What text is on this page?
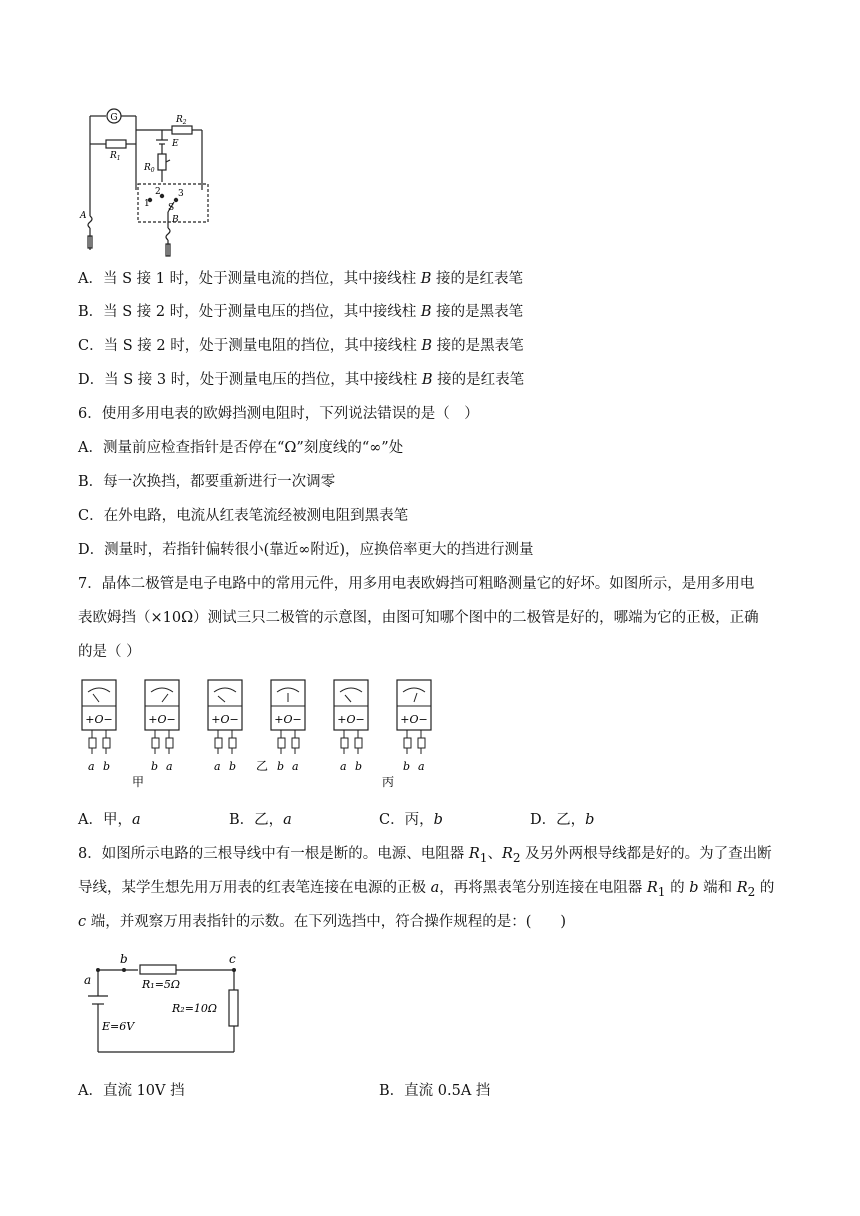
G
$R_1$
$R_2$
E
$R_0$
1
2 3
S
B
A
A．当 S 接 1 时，处于测量电流的挡位，其中接线柱 B 接的是红表笔
B．当 S 接 2 时，处于测量电压的挡位，其中接线柱 B 接的是黑表笔
C．当 S 接 2 时，处于测量电阻的挡位，其中接线柱 B 接的是黑表笔
D．当 S 接 3 时，处于测量电压的挡位，其中接线柱 B 接的是红表笔
6．使用多用电表的欧姆挡测电阻时，下列说法错误的是（　）
A．测量前应检查指针是否停在“Ω”刻度线的“∞”处
B．每一次换挡，都要重新进行一次调零
C．在外电路，电流从红表笔流经被测电阻到黑表笔
D．测量时，若指针偏转很小(靠近∞附近)，应换倍率更大的挡进行测量
7．晶体二极管是电子电路中的常用元件，用多用电表欧姆挡可粗略测量它的好坏。如图所示，是用多用电
表欧姆挡（×10Ω）测试三只二极管的示意图，由图可知哪个图中的二极管是好的，哪端为它的正极，正确
的是（ ）
+O−
a b
+O−
b a
+O−
a b
+O−
b a
+O−
a b
+O−
b a
甲
乙
丙
A．甲，a	B．乙，a	C．丙，b	D．乙，b
8．如图所示电路的三根导线中有一根是断的。电源、电阻器 $R_1$、$R_2$ 及另外两根导线都是好的。为了查出断
导线，某学生想先用万用表的红表笔连接在电源的正极 a，再将黑表笔分别连接在电阻器 $R_1$ 的 b 端和 $R_2$ 的
c 端，并观察万用表指针的示数。在下列选挡中，符合操作规程的是：(　　)
a
b	c
R₁=5Ω
R₂=10Ω
E=6V
A．直流 10V 挡	B．直流 0.5A 挡
